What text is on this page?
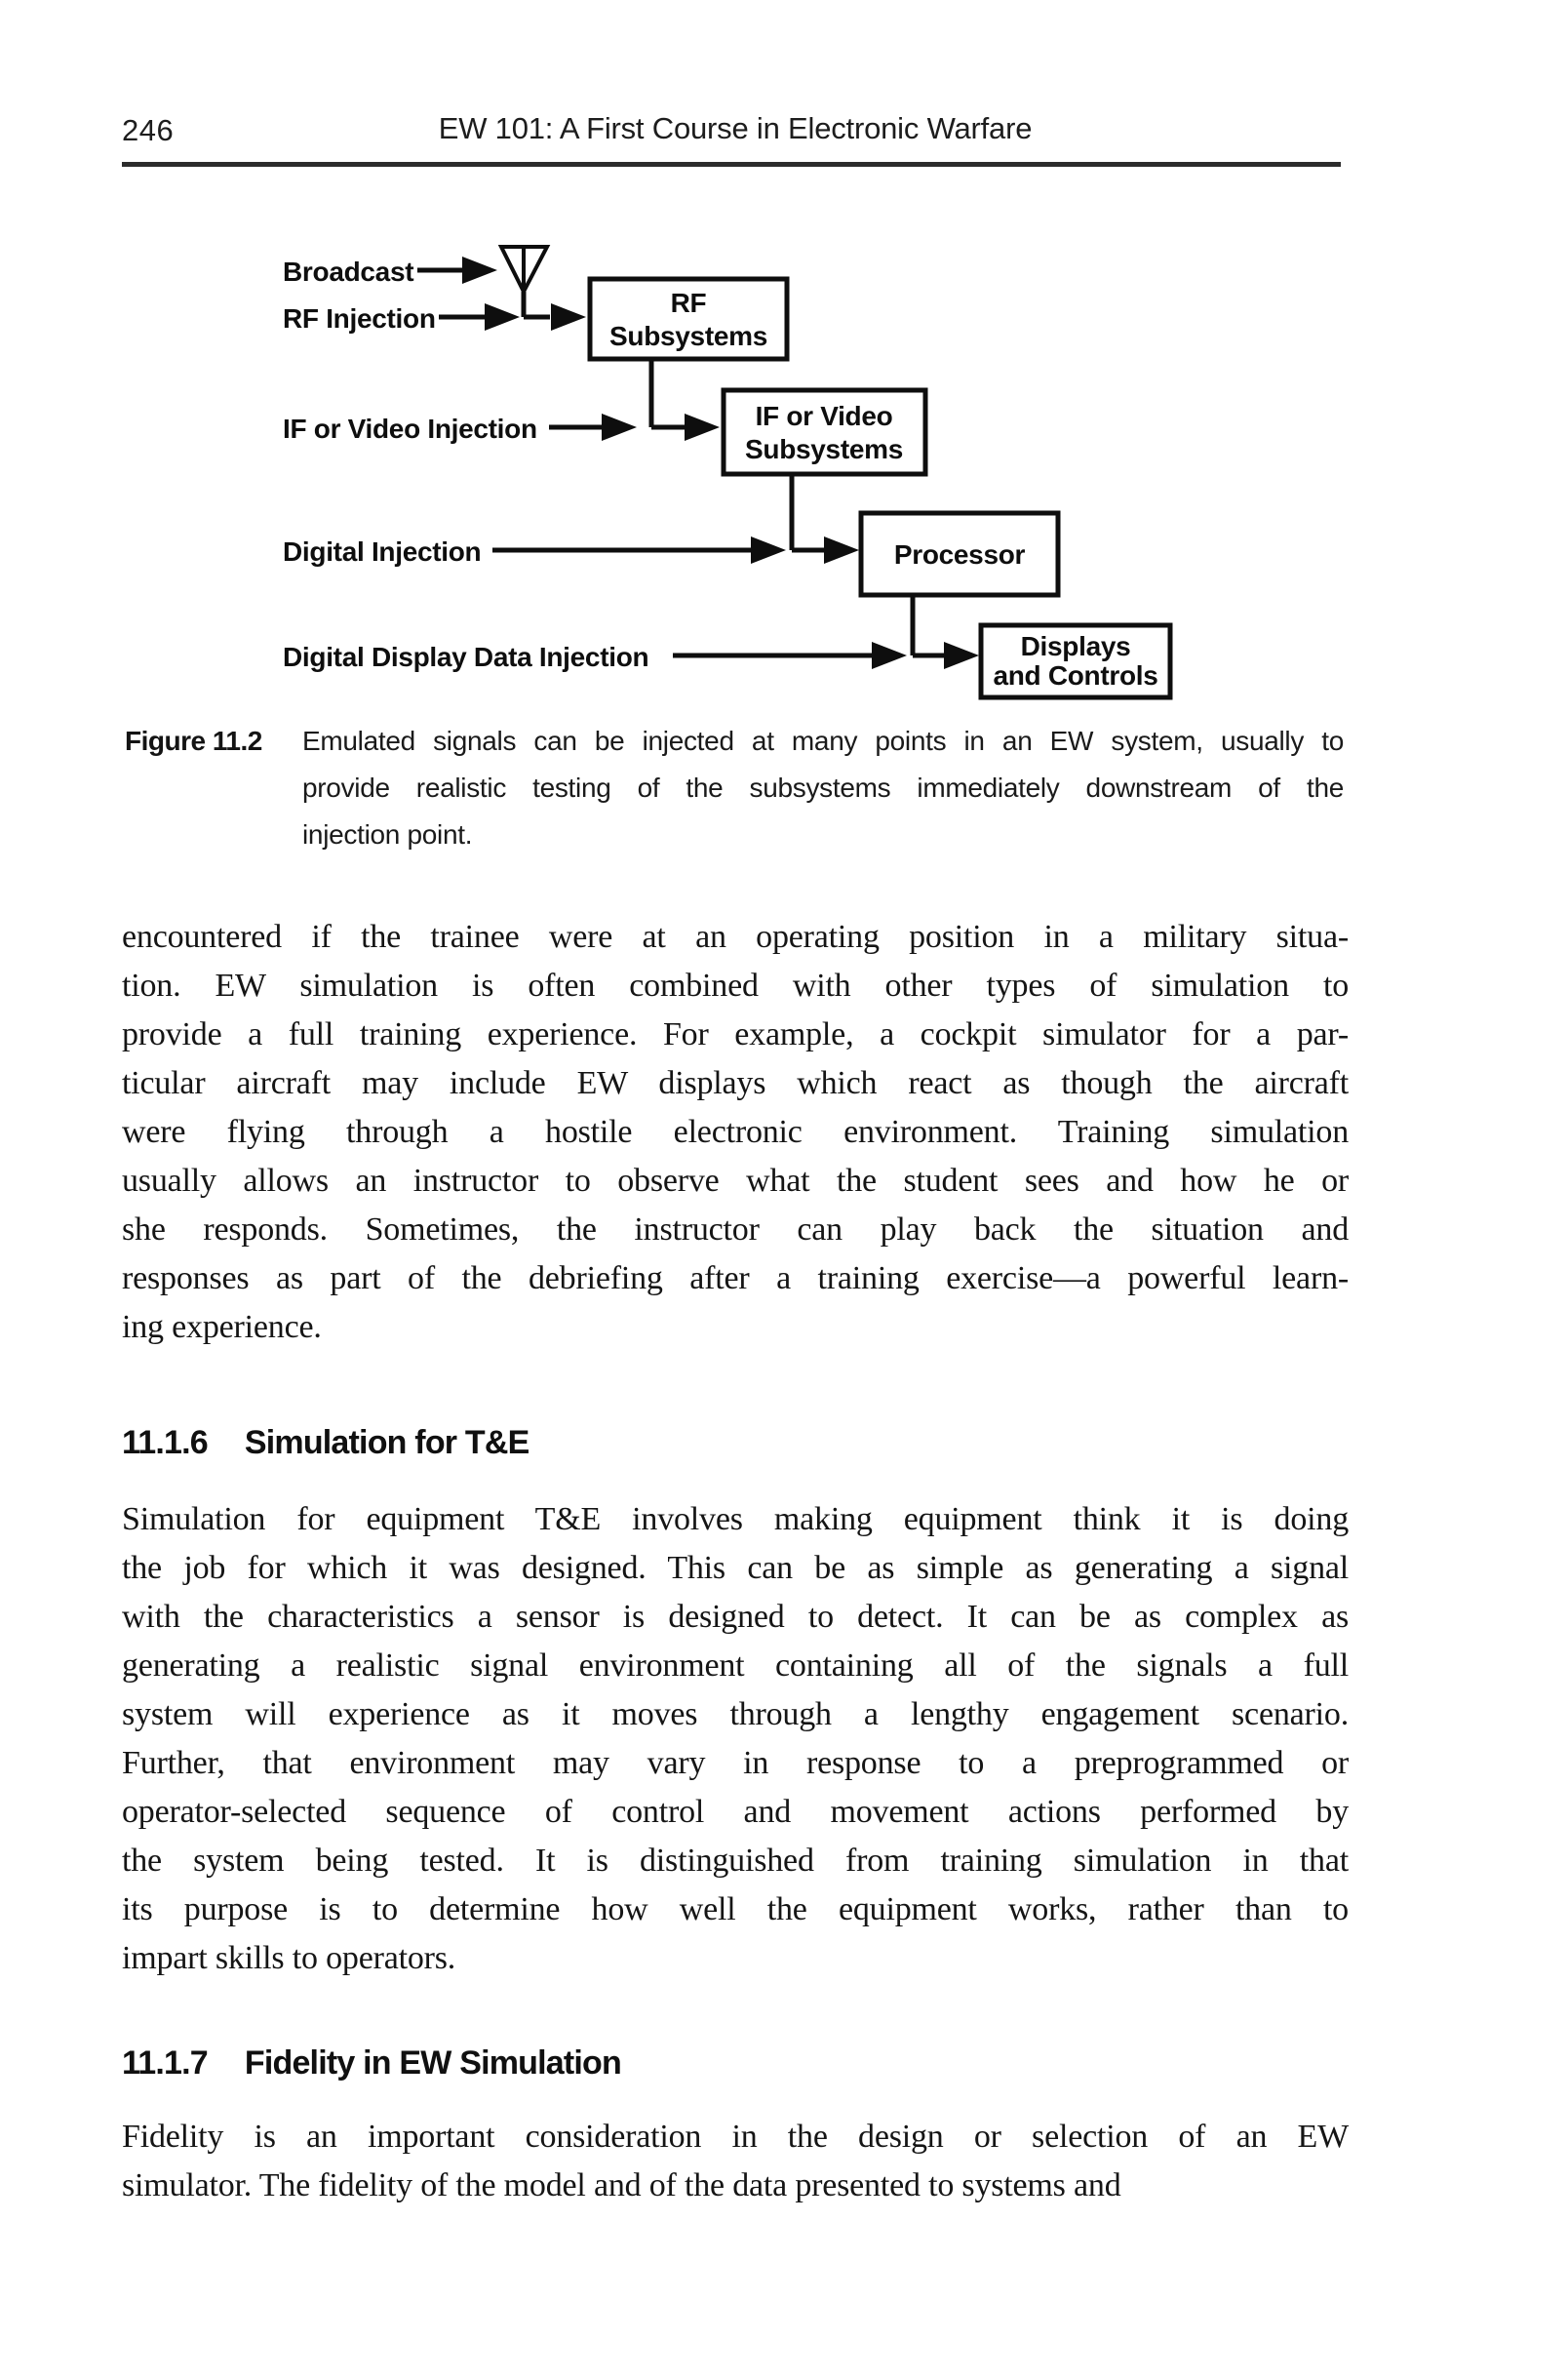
246	EW 101: A First Course in Electronic Warfare
Broadcast
RF Injection
IF or Video Injection
Digital Injection
Digital Display Data Injection
RF
Subsystems
IF or Video
Subsystems
Processor
Displays
and Controls
Figure 11.2 Emulated signals can be injected at many points in an EW system, usually to
provide realistic testing of the subsystems immediately downstream of the
injection point.
encountered if the trainee were at an operating position in a military situa-
tion. EW simulation is often combined with other types of simulation to
provide a full training experience. For example, a cockpit simulator for a par-
ticular aircraft may include EW displays which react as though the aircraft
were flying through a hostile electronic environment. Training simulation
usually allows an instructor to observe what the student sees and how he or
she responds. Sometimes, the instructor can play back the situation and
responses as part of the debriefing after a training exercise—a powerful learn-
ing experience.
11.1.6 Simulation for T&E
Simulation for equipment T&E involves making equipment think it is doing
the job for which it was designed. This can be as simple as generating a signal
with the characteristics a sensor is designed to detect. It can be as complex as
generating a realistic signal environment containing all of the signals a full
system will experience as it moves through a lengthy engagement scenario.
Further, that environment may vary in response to a preprogrammed or
operator-selected sequence of control and movement actions performed by
the system being tested. It is distinguished from training simulation in that
its purpose is to determine how well the equipment works, rather than to
impart skills to operators.
11.1.7 Fidelity in EW Simulation
Fidelity is an important consideration in the design or selection of an EW
simulator. The fidelity of the model and of the data presented to systems and
